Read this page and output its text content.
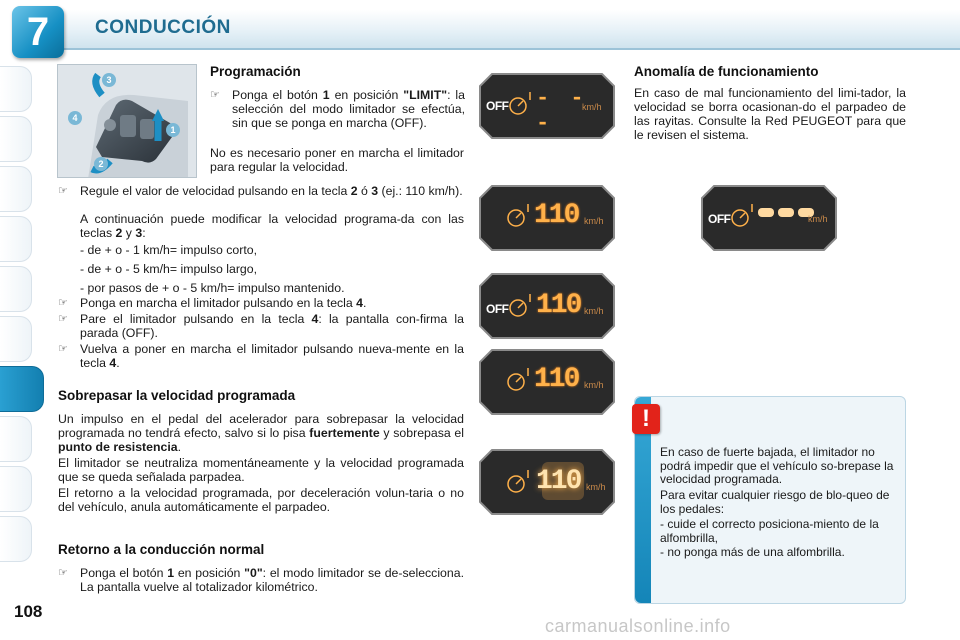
7	CONDUCCIÓN
3
4
1
2
Programación
☞ Ponga el botón 1 en posición "LIMIT": la selección del modo limitador se efectúa, sin que se ponga en marcha (OFF).
No es necesario poner en marcha el limitador para regular la velocidad.
☞ Regule el valor de velocidad pulsando en la tecla 2 ó 3 (ej.: 110 km/h).
A continuación puede modificar la velocidad programa-da con las teclas 2 y 3:
- de + o - 1 km/h= impulso corto,
- de + o - 5 km/h= impulso largo,
- por pasos de + o - 5 km/h= impulso mantenido.
☞ Ponga en marcha el limitador pulsando en la tecla 4.
☞ Pare el limitador pulsando en la tecla 4: la pantalla con-firma la parada (OFF).
☞ Vuelva a poner en marcha el limitador pulsando nueva-mente en la tecla 4.
Sobrepasar la velocidad programada
Un impulso en el pedal del acelerador para sobrepasar la velocidad programada no tendrá efecto, salvo si lo pisa fuertemente y sobrepasa el punto de resistencia.
El limitador se neutraliza momentáneamente y la velocidad programada que se queda señalada parpadea.
El retorno a la velocidad programada, por deceleración volun-taria o no del vehículo, anula automáticamente el parpadeo.
Retorno a la conducción normal
☞ Ponga el botón 1 en posición "0": el modo limitador se de-selecciona. La pantalla vuelve al totalizador kilométrico.
OFF - - -
km/h
110 km/h
OFF 110 km/h
110 km/h
110 km/h
OFF	km/h
Anomalía de funcionamiento
En caso de mal funcionamiento del limi-tador, la velocidad se borra ocasionan-do el parpadeo de las rayitas. Consulte la Red PEUGEOT para que le revisen el sistema.
!
En caso de fuerte bajada, el limitador no podrá impedir que el vehículo so-brepase la velocidad programada.
Para evitar cualquier riesgo de blo-queo de los pedales:
- cuide el correcto posiciona-miento de la alfombrilla,
- no ponga más de una alfombrilla.
108
carmanualsonline.info
